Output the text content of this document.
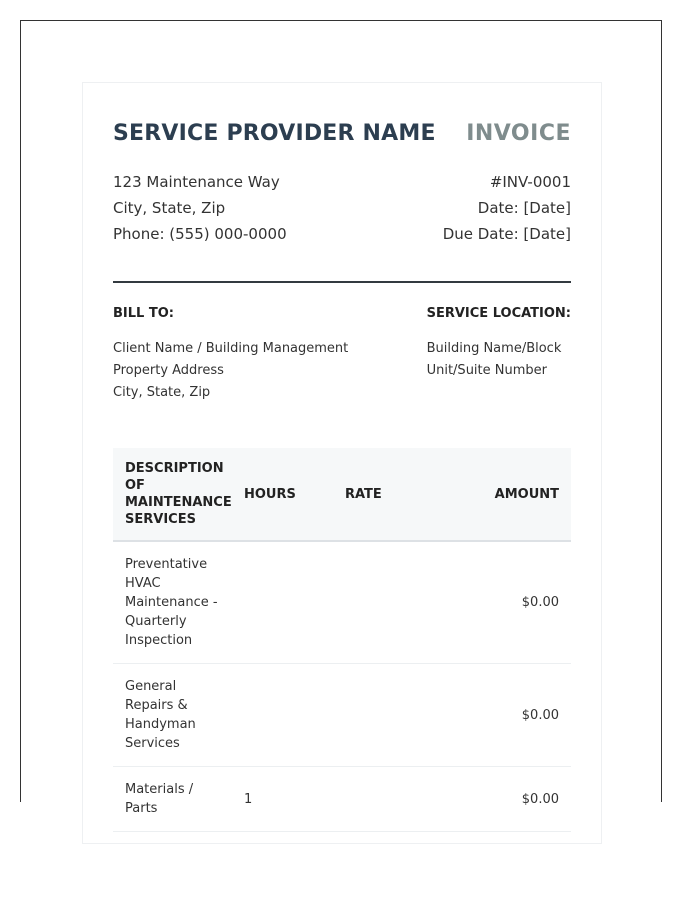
SERVICE PROVIDER NAME INVOICE
123 Maintenance Way
City, State, Zip
Phone: (555) 000-0000
#INV-0001
Date: [Date]
Due Date: [Date]
BILL TO:
Client Name / Building Management
Property Address
City, State, Zip
SERVICE LOCATION:
Building Name/Block
Unit/Suite Number
DESCRIPTION OF MAINTENANCE SERVICES	HOURS	RATE	AMOUNT
Preventative HVAC Maintenance - Quarterly Inspection			$0.00
General Repairs & Handyman Services			$0.00
Materials / Parts	1		$0.00
